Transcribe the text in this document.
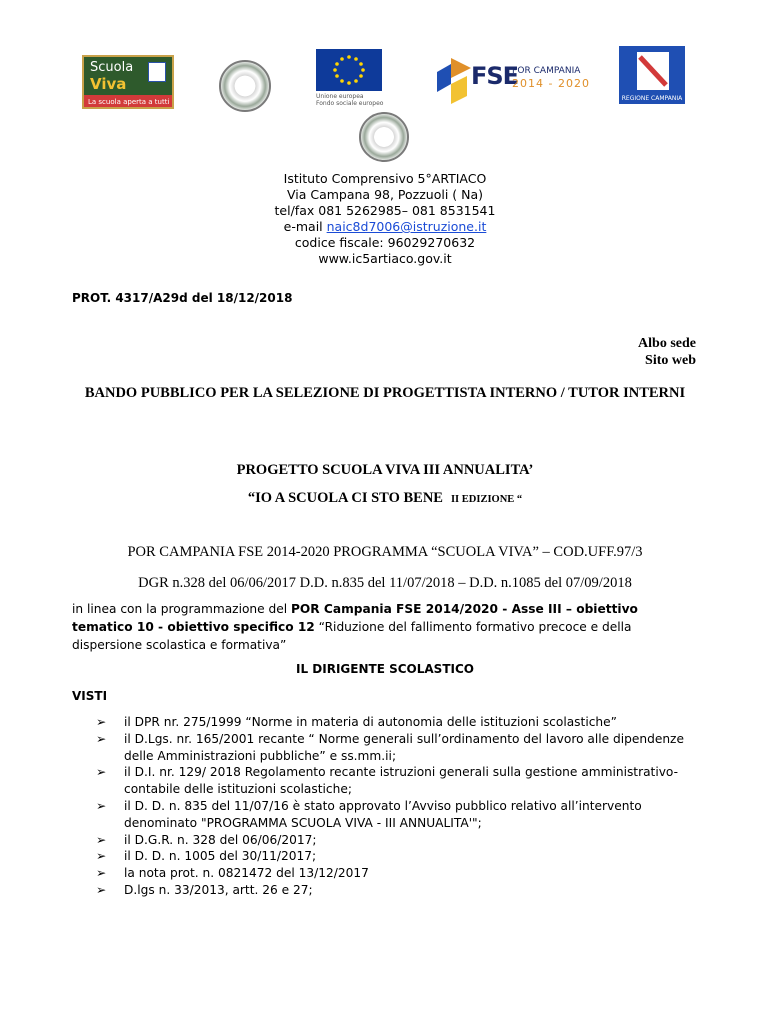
Scuola
Viva
La scuola aperta a tutti
Unione europea
Fondo sociale europeo
FSE
POR CAMPANIA
2014 - 2020
REGIONE CAMPANIA
Istituto Comprensivo 5°ARTIACO
Via Campana 98, Pozzuoli ( Na)
tel/fax 081 5262985– 081 8531541
e-mail naic8d7006@istruzione.it
codice fiscale: 96029270632
www.ic5artiaco.gov.it
PROT. 4317/A29d del 18/12/2018
Albo sede
Sito web
BANDO PUBBLICO PER LA SELEZIONE DI PROGETTISTA INTERNO / TUTOR INTERNI
PROGETTO SCUOLA VIVA III ANNUALITA’
“IO A SCUOLA CI STO BENE II EDIZIONE “
POR CAMPANIA FSE 2014-2020 PROGRAMMA “SCUOLA VIVA” – COD.UFF.97/3
DGR n.328 del 06/06/2017 D.D. n.835 del 11/07/2018 – D.D. n.1085 del 07/09/2018
in linea con la programmazione del POR Campania FSE 2014/2020 - Asse III – obiettivo tematico 10 - obiettivo specifico 12 “Riduzione del fallimento formativo precoce e della dispersione scolastica e formativa”
IL DIRIGENTE SCOLASTICO
VISTI
➢ il DPR nr. 275/1999 “Norme in materia di autonomia delle istituzioni scolastiche”
➢ il D.Lgs. nr. 165/2001 recante “ Norme generali sull’ordinamento del lavoro alle dipendenze delle Amministrazioni pubbliche” e ss.mm.ii;
➢ il D.I. nr. 129/ 2018 Regolamento recante istruzioni generali sulla gestione amministrativo-contabile delle istituzioni scolastiche;
➢ il D. D. n. 835 del 11/07/16 è stato approvato l’Avviso pubblico relativo all’intervento denominato "PROGRAMMA SCUOLA VIVA - III ANNUALITA'";
➢ il D.G.R. n. 328 del 06/06/2017;
➢ il D. D. n. 1005 del 30/11/2017;
➢ la nota prot. n. 0821472 del 13/12/2017
➢ D.lgs n. 33/2013, artt. 26 e 27;
